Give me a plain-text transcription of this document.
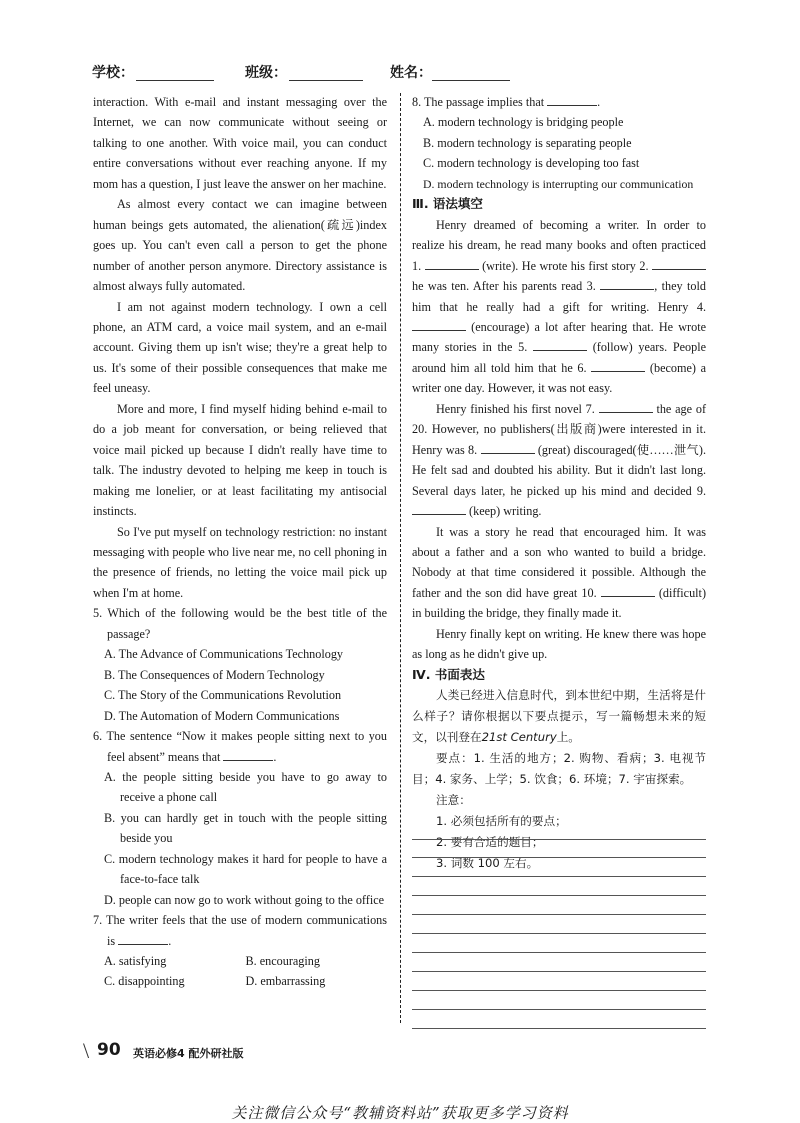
学校：	班级：	姓名：

interaction. With e-mail and instant messaging over the Internet, we can now communicate without seeing or talking to one another. With voice mail, you can conduct entire conversations without ever reaching anyone. If my mom has a question, I just leave the answer on her machine.

As almost every contact we can imagine between human beings gets automated, the alienation(疏远)index goes up. You can't even call a person to get the phone number of another person anymore. Directory assistance is almost always fully automated.

I am not against modern technology. I own a cell phone, an ATM card, a voice mail system, and an e-mail account. Giving them up isn't wise; they're a great help to us. It's some of their possible consequences that make me feel uneasy.

More and more, I find myself hiding behind e-mail to do a job meant for conversation, or being relieved that voice mail picked up because I didn't really have time to talk. The industry devoted to helping me keep in touch is making me lonelier, or at least facilitating my antisocial instincts.

So I've put myself on technology restriction: no instant messaging with people who live near me, no cell phoning in the presence of friends, no letting the voice mail pick up when I'm at home.

5. Which of the following would be the best title of the passage?

A. The Advance of Communications Technology

B. The Consequences of Modern Technology

C. The Story of the Communications Revolution

D. The Automation of Modern Communications

6. The sentence “Now it makes people sitting next to you feel absent” means that	.

A. the people sitting beside you have to go away to receive a phone call

B. you can hardly get in touch with the people sitting beside you

C. modern technology makes it hard for people to have a face-to-face talk

D. people can now go to work without going to the office

7. The writer feels that the use of modern communications is	.

A. satisfying	B. encouraging
C. disappointing	D. embarrassing

8. The passage implies that	.

A. modern technology is bridging people

B. modern technology is separating people

C. modern technology is developing too fast

D. modern technology is interrupting our communication

Ⅲ. 语法填空

Henry dreamed of becoming a writer. In order to realize his dream, he read many books and often practiced 1.	(write). He wrote his first story 2.  he was ten. After his parents read 3.	, they told him that he really had a gift for writing. Henry 4.  (encourage) a lot after hearing that. He wrote many stories in the 5.	(follow) years. People around him all told him that he 6.	(become) a writer one day. However, it was not easy.

Henry finished his first novel 7.	the age of 20. However, no publishers(出版商)were interested in it. Henry was 8.	(great) discouraged(使……泄气). He felt sad and doubted his ability. But it didn't last long. Several days later, he picked up his mind and decided 9.  (keep) writing.

It was a story he read that encouraged him. It was about a father and a son who wanted to build a bridge. Nobody at that time considered it possible. Although the father and the son did have great 10.	(difficult) in building the bridge, they finally made it.

Henry finally kept on writing. He knew there was hope as long as he didn't give up.

Ⅳ. 书面表达

人类已经进入信息时代，到本世纪中期，生活将是什么样子？请你根据以下要点提示，写一篇畅想未来的短文，以刊登在21st Century上。

要点：1. 生活的地方；2. 购物、看病；3. 电视节目；4. 家务、上学；5. 饮食；6. 环境；7. 宇宙探索。

注意：

1. 必须包括所有的要点；

2. 要有合适的题目；

3. 词数 100 左右。

\ 90 英语必修4 配外研社版
关注微信公众号“教辅资料站”获取更多学习资料
